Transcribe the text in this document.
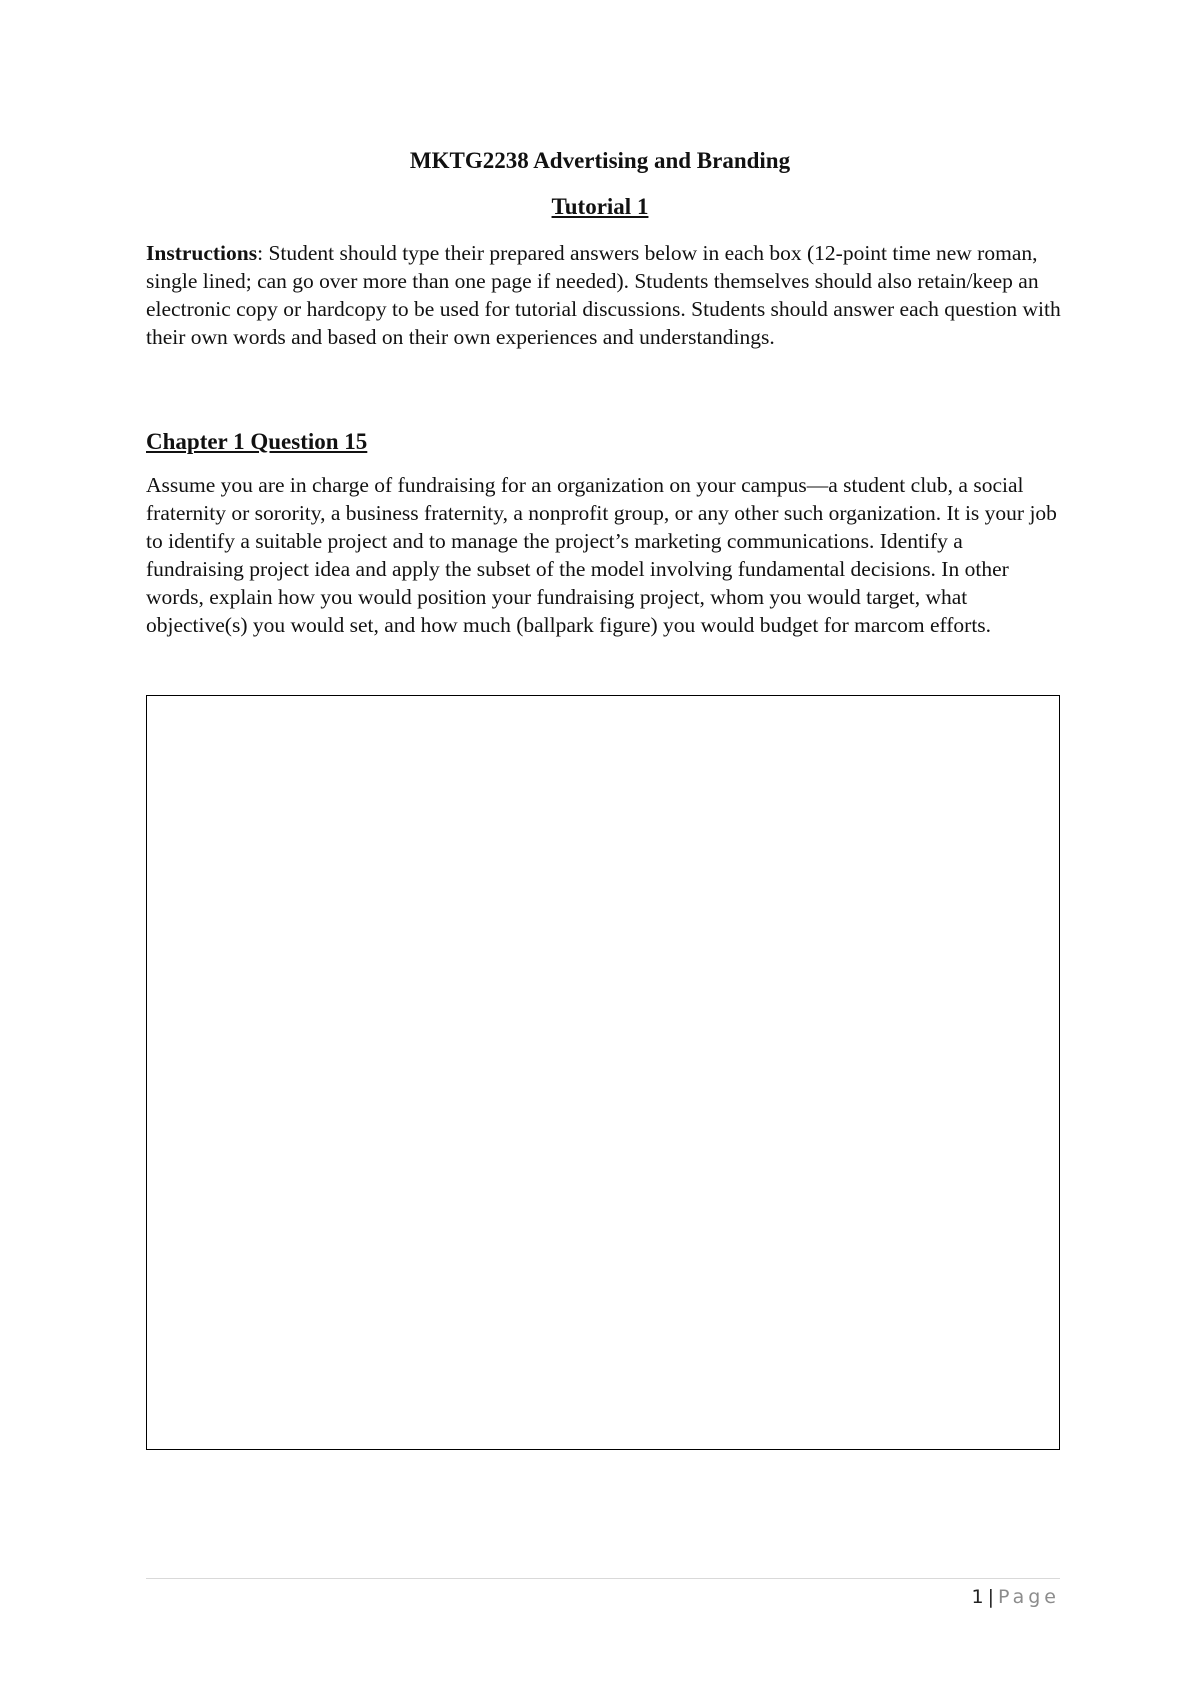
MKTG2238 Advertising and Branding
Tutorial 1

Instructions: Student should type their prepared answers below in each box (12-point time new roman, single lined; can go over more than one page if needed). Students themselves should also retain/keep an electronic copy or hardcopy to be used for tutorial discussions. Students should answer each question with their own words and based on their own experiences and understandings.

Chapter 1 Question 15

Assume you are in charge of fundraising for an organization on your campus—a student club, a social fraternity or sorority, a business fraternity, a nonprofit group, or any other such organization. It is your job to identify a suitable project and to manage the project’s marketing communications. Identify a fundraising project idea and apply the subset of the model involving fundamental decisions. In other words, explain how you would position your fundraising project, whom you would target, what objective(s) you would set, and how much (ballpark figure) you would budget for marcom efforts.

1 | Page
